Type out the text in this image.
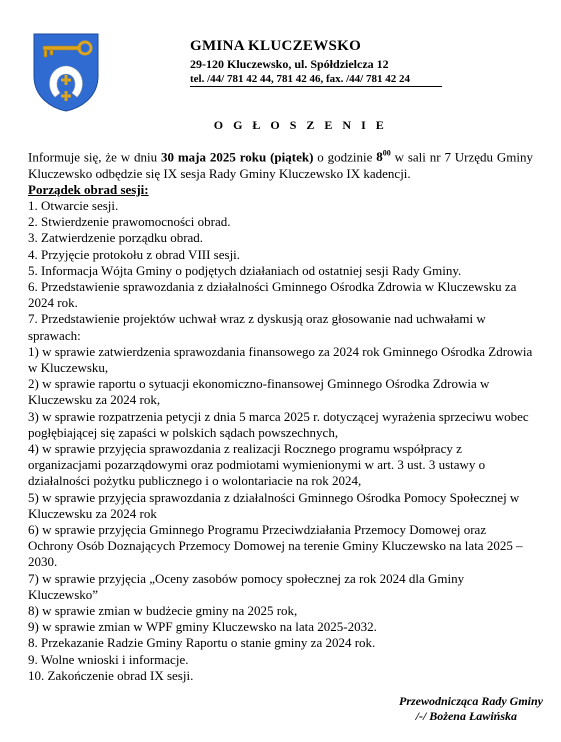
GMINA KLUCZEWSKO
29-120 Kluczewsko, ul. Spółdzielcza 12
tel. /44/ 781 42 44, 781 42 46, fax. /44/ 781 42 24
O G Ł O S Z E N I E

Informuje się, że w dniu 30 maja 2025 roku (piątek) o godzinie $8^{00}$ w sali nr 7 Urzędu Gminy Kluczewsko odbędzie się IX sesja Rady Gminy Kluczewsko IX kadencji.

Porządek obrad sesji:

1. Otwarcie sesji.

2. Stwierdzenie prawomocności obrad.

3. Zatwierdzenie porządku obrad.

4. Przyjęcie protokołu z obrad VIII sesji.

5. Informacja Wójta Gminy o podjętych działaniach od ostatniej sesji Rady Gminy.

6. Przedstawienie sprawozdania z działalności Gminnego Ośrodka Zdrowia w Kluczewsku za 2024 rok.

7. Przedstawienie projektów uchwał wraz z dyskusją oraz głosowanie nad uchwałami w sprawach:

1) w sprawie zatwierdzenia sprawozdania finansowego za 2024 rok Gminnego Ośrodka Zdrowia w Kluczewsku,

2) w sprawie raportu o sytuacji ekonomiczno-finansowej Gminnego Ośrodka Zdrowia w Kluczewsku za 2024 rok,

3) w sprawie rozpatrzenia petycji z dnia 5 marca 2025 r. dotyczącej wyrażenia sprzeciwu wobec pogłębiającej się zapaści w polskich sądach powszechnych,

4) w sprawie przyjęcia sprawozdania z realizacji Rocznego programu współpracy z organizacjami pozarządowymi oraz podmiotami wymienionymi w art. 3 ust. 3 ustawy o działalności pożytku publicznego i o wolontariacie na rok 2024,

5) w sprawie przyjęcia sprawozdania z działalności Gminnego Ośrodka Pomocy Społecznej w Kluczewsku za 2024 rok

6) w sprawie przyjęcia Gminnego Programu Przeciwdziałania Przemocy Domowej oraz Ochrony Osób Doznających Przemocy Domowej na terenie Gminy Kluczewsko na lata 2025 – 2030.

7) w sprawie przyjęcia „Oceny zasobów pomocy społecznej za rok 2024 dla Gminy Kluczewsko”

8) w sprawie zmian w budżecie gminy na 2025 rok,

9) w sprawie zmian w WPF gminy Kluczewsko na lata 2025-2032.

8. Przekazanie Radzie Gminy Raportu o stanie gminy za 2024 rok.

9. Wolne wnioski i informacje.

10. Zakończenie obrad IX sesji.

Przewodnicząca Rady Gminy
/-/ Bożena Ławińska
